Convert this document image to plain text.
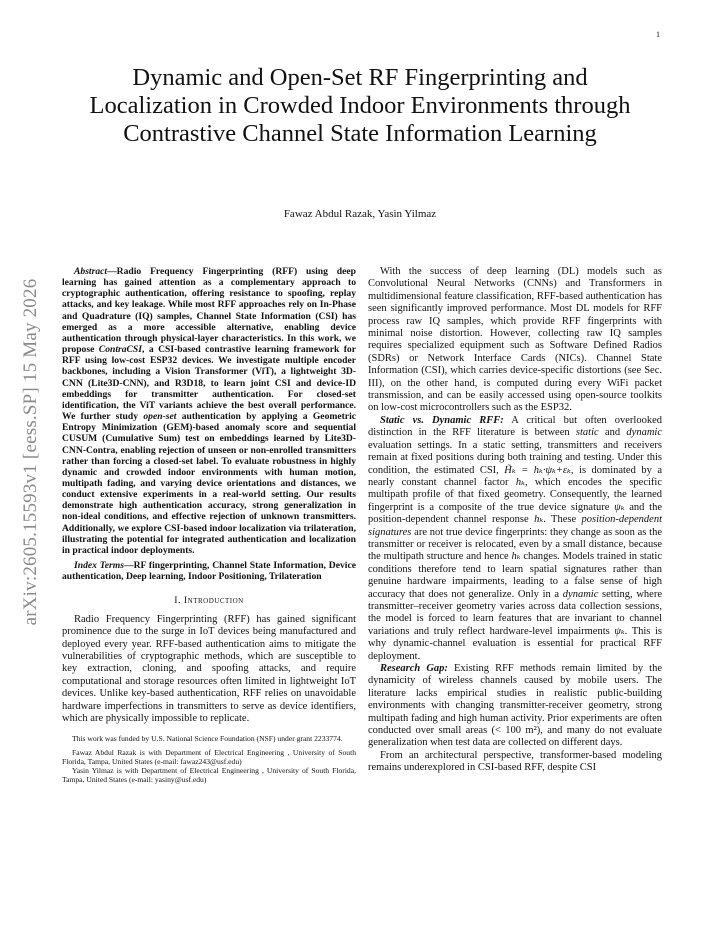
1
arXiv:2605.15593v1 [eess.SP] 15 May 2026
Dynamic and Open-Set RF Fingerprinting and Localization in Crowded Indoor Environments through Contrastive Channel State Information Learning
Fawaz Abdul Razak, Yasin Yilmaz

Abstract—Radio Frequency Fingerprinting (RFF) using deep learning has gained attention as a complementary approach to cryptographic authentication, offering resistance to spoofing, replay attacks, and key leakage. While most RFF approaches rely on In-Phase and Quadrature (IQ) samples, Channel State Information (CSI) has emerged as a more accessible alternative, enabling device authentication through physical-layer characteristics. In this work, we propose ContraCSI, a CSI-based contrastive learning framework for RFF using low-cost ESP32 devices. We investigate multiple encoder backbones, including a Vision Transformer (ViT), a lightweight 3D-CNN (Lite3D-CNN), and R3D18, to learn joint CSI and device-ID embeddings for transmitter authentication. For closed-set identification, the ViT variants achieve the best overall performance. We further study open-set authentication by applying a Geometric Entropy Minimization (GEM)-based anomaly score and sequential CUSUM (Cumulative Sum) test on embeddings learned by Lite3D-CNN-Contra, enabling rejection of unseen or non-enrolled transmitters rather than forcing a closed-set label. To evaluate robustness in highly dynamic and crowded indoor environments with human motion, multipath fading, and varying device orientations and distances, we conduct extensive experiments in a real-world setting. Our results demonstrate high authentication accuracy, strong generalization in non-ideal conditions, and effective rejection of unknown transmitters. Additionally, we explore CSI-based indoor localization via trilateration, illustrating the potential for integrated authentication and localization in practical indoor deployments.

Index Terms—RF fingerprinting, Channel State Information, Device authentication, Deep learning, Indoor Positioning, Trilateration

I. Introduction

Radio Frequency Fingerprinting (RFF) has gained significant prominence due to the surge in IoT devices being manufactured and deployed every year. RFF-based authentication aims to mitigate the vulnerabilities of cryptographic methods, which are susceptible to key extraction, cloning, and spoofing attacks, and require computational and storage resources often limited in lightweight IoT devices. Unlike key-based authentication, RFF relies on unavoidable hardware imperfections in transmitters to serve as device identifiers, which are physically impossible to replicate.

This work was funded by U.S. National Science Foundation (NSF) under grant 2233774.

Fawaz Abdul Razak is with Department of Electrical Engineering , University of South Florida, Tampa, United States (e-mail: fawaz243@usf.edu)

Yasin Yilmaz is with Department of Electrical Engineering , University of South Florida, Tampa, United States (e-mail: yasiny@usf.edu)

With the success of deep learning (DL) models such as Convolutional Neural Networks (CNNs) and Transformers in multidimensional feature classification, RFF-based authentication has seen significantly improved performance. Most DL models for RFF process raw IQ samples, which provide RFF fingerprints with minimal noise distortion. However, collecting raw IQ samples requires specialized equipment such as Software Defined Radios (SDRs) or Network Interface Cards (NICs). Channel State Information (CSI), which carries device-specific distortions (see Sec. III), on the other hand, is computed during every WiFi packet transmission, and can be easily accessed using open-source toolkits on low-cost microcontrollers such as the ESP32.

Static vs. Dynamic RFF: A critical but often overlooked distinction in the RFF literature is between static and dynamic evaluation settings. In a static setting, transmitters and receivers remain at fixed positions during both training and testing. Under this condition, the estimated CSI, H̃ₖ = hₖ·ψₖ+εₖ, is dominated by a nearly constant channel factor hₖ, which encodes the specific multipath profile of that fixed geometry. Consequently, the learned fingerprint is a composite of the true device signature ψₖ and the position-dependent channel response hₖ. These position-dependent signatures are not true device fingerprints: they change as soon as the transmitter or receiver is relocated, even by a small distance, because the multipath structure and hence hₖ changes. Models trained in static conditions therefore tend to learn spatial signatures rather than genuine hardware impairments, leading to a false sense of high accuracy that does not generalize. Only in a dynamic setting, where transmitter–receiver geometry varies across data collection sessions, the model is forced to learn features that are invariant to channel variations and truly reflect hardware-level impairments ψₖ. This is why dynamic-channel evaluation is essential for practical RFF deployment.

Research Gap: Existing RFF methods remain limited by the dynamicity of wireless channels caused by mobile users. The literature lacks empirical studies in realistic public-building environments with changing transmitter-receiver geometry, strong multipath fading and high human activity. Prior experiments are often conducted over small areas (< 100 m²), and many do not evaluate generalization when test data are collected on different days.

From an architectural perspective, transformer-based modeling remains underexplored in CSI-based RFF, despite CSI
